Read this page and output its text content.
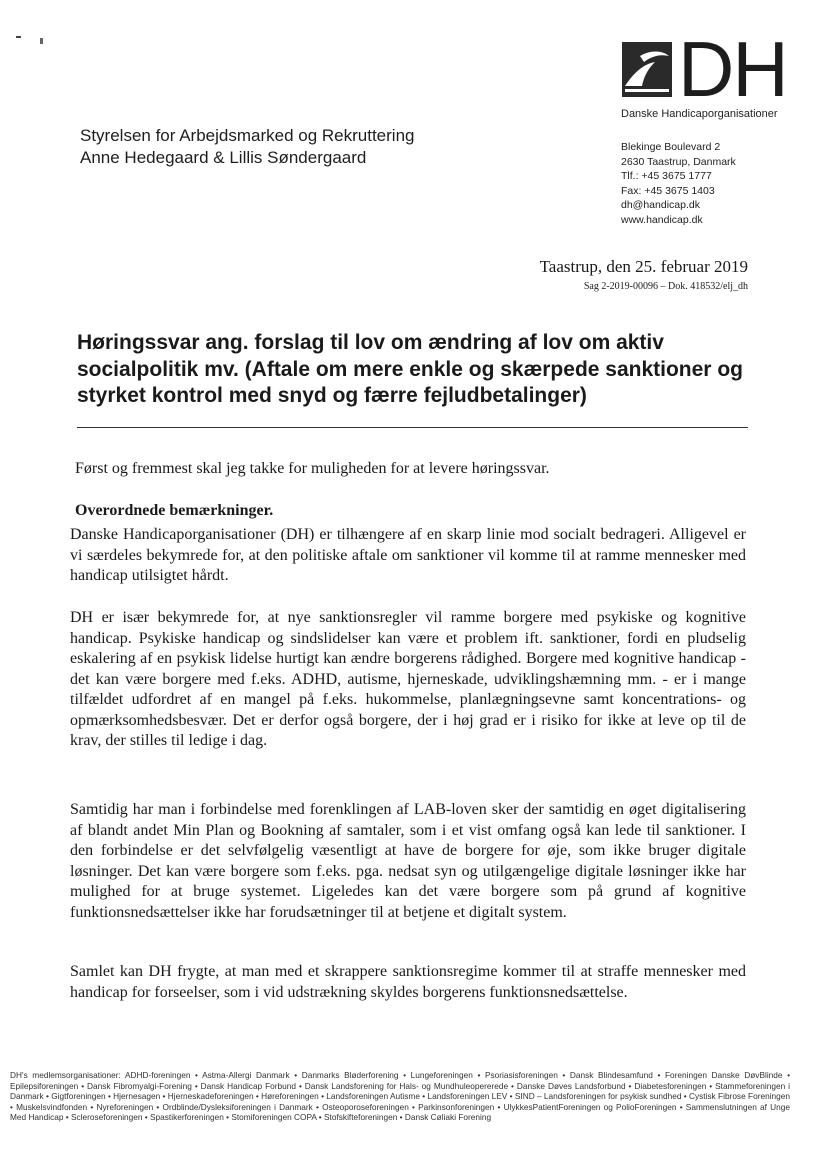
DH
Danske Handicaporganisationer
Styrelsen for Arbejdsmarked og Rekruttering
Anne Hedegaard & Lillis Søndergaard
Blekinge Boulevard 2
2630 Taastrup, Danmark
Tlf.: +45 3675 1777
Fax: +45 3675 1403
dh@handicap.dk
www.handicap.dk
Taastrup, den 25. februar 2019
Sag 2-2019-00096 – Dok. 418532/elj_dh
Høringssvar ang. forslag til lov om ændring af lov om aktiv socialpolitik mv. (Aftale om mere enkle og skærpede sanktioner og styrket kontrol med snyd og færre fejludbetalinger)
Først og fremmest skal jeg takke for muligheden for at levere høringssvar.
Overordnede bemærkninger.
Danske Handicaporganisationer (DH) er tilhængere af en skarp linie mod socialt bedrageri. Alligevel er vi særdeles bekymrede for, at den politiske aftale om sanktioner vil komme til at ramme mennesker med handicap utilsigtet hårdt.
DH er især bekymrede for, at nye sanktionsregler vil ramme borgere med psykiske og kognitive handicap. Psykiske handicap og sindslidelser kan være et problem ift. sanktioner, fordi en pludselig eskalering af en psykisk lidelse hurtigt kan ændre borgerens rådighed. Borgere med kognitive handicap - det kan være borgere med f.eks. ADHD, autisme, hjerneskade, udviklingshæmning mm. - er i mange tilfældet udfordret af en mangel på f.eks. hukommelse, planlægningsevne samt koncentrations- og opmærksomhedsbesvær. Det er derfor også borgere, der i høj grad er i risiko for ikke at leve op til de krav, der stilles til ledige i dag.
Samtidig har man i forbindelse med forenklingen af LAB-loven sker der samtidig en øget digitalisering af blandt andet Min Plan og Bookning af samtaler, som i et vist omfang også kan lede til sanktioner. I den forbindelse er det selvfølgelig væsentligt at have de borgere for øje, som ikke bruger digitale løsninger. Det kan være borgere som f.eks. pga. nedsat syn og utilgængelige digitale løsninger ikke har mulighed for at bruge systemet. Ligeledes kan det være borgere som på grund af kognitive funktionsnedsættelser ikke har forudsætninger til at betjene et digitalt system.
Samlet kan DH frygte, at man med et skrappere sanktionsregime kommer til at straffe mennesker med handicap for forseelser, som i vid udstrækning skyldes borgerens funktionsnedsættelse.
DH's medlemsorganisationer: ADHD-foreningen • Astma-Allergi Danmark • Danmarks Bløderforening • Lungeforeningen • Psoriasisforeningen • Dansk Blindesamfund • Foreningen Danske DøvBlinde • Epilepsiforeningen • Dansk Fibromyalgi-Forening • Dansk Handicap Forbund • Dansk Landsforening for Hals- og Mundhuleopererede • Danske Døves Landsforbund • Diabetesforeningen • Stammeforeningen i Danmark • Gigtforeningen • Hjernesagen • Hjerneskadeforeningen • Høreforeningen • Landsforeningen Autisme • Landsforeningen LEV • SIND – Landsforeningen for psykisk sundhed • Cystisk Fibrose Foreningen • Muskelsvindfonden • Nyreforeningen • Ordblinde/Dysleksiforeningen i Danmark • Osteoporoseforeningen • Parkinsonforeningen • UlykkesPatientForeningen og PolioForeningen • Sammenslutningen af Unge Med Handicap • Scleroseforeningen • Spastikerforeningen • Stomiforeningen COPA • Stofskifteforeningen • Dansk Cøliaki Forening
